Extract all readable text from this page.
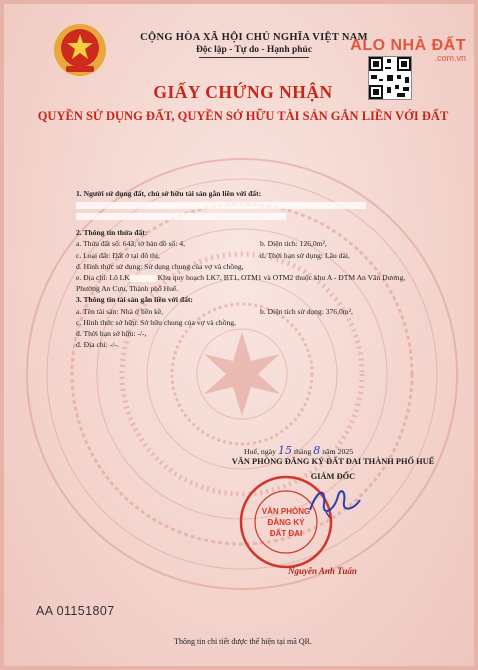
CỘNG HÒA XÃ HỘI CHỦ NGHĨA VIỆT NAM
Độc lập - Tự do - Hạnh phúc	ALO NHÀ ĐẤT
.com.vn
GIẤY CHỨNG NHẬN
QUYỀN SỬ DỤNG ĐẤT, QUYỀN SỞ HỮU TÀI SẢN GẮN LIỀN VỚI ĐẤT
1. Người sử dụng đất, chủ sở hữu tài sản gắn liền với đất:
2. Thông tin thửa đất:
a. Thửa đất số: 643; tờ bản đồ số: 4,	b. Diện tích: 126,0m²,
c. Loại đất: Đất ở tại đô thị,	d. Thời hạn sử dụng: Lâu dài,
đ. Hình thức sử dụng: Sử dụng chung của vợ và chồng,
e. Địa chỉ: Lô LK	Khu quy hoạch LK7, BT1, OTM1 và OTM2 thuộc khu A - ĐTM An Vân Dương, Phường An Cựu, Thành phố Huế.
3. Thông tin tài sản gắn liền với đất:
a. Tên tài sản: Nhà ở liền kề,	b. Diện tích sử dụng: 376,0m²,
c. Hình thức sở hữu: Sở hữu chung của vợ và chồng,
d. Thời hạn sở hữu: -/-,
đ. Địa chỉ: -/-.
Huế, ngày 15 tháng 8 năm 2025
VĂN PHÒNG ĐĂNG KÝ ĐẤT ĐAI THÀNH PHỐ HUẾ
GIÁM ĐỐC
VĂN PHÒNG
ĐĂNG KÝ
ĐẤT ĐAI
Nguyễn Anh Tuấn
AA 01151807
Thông tin chi tiết được thể hiện tại mã QR.
